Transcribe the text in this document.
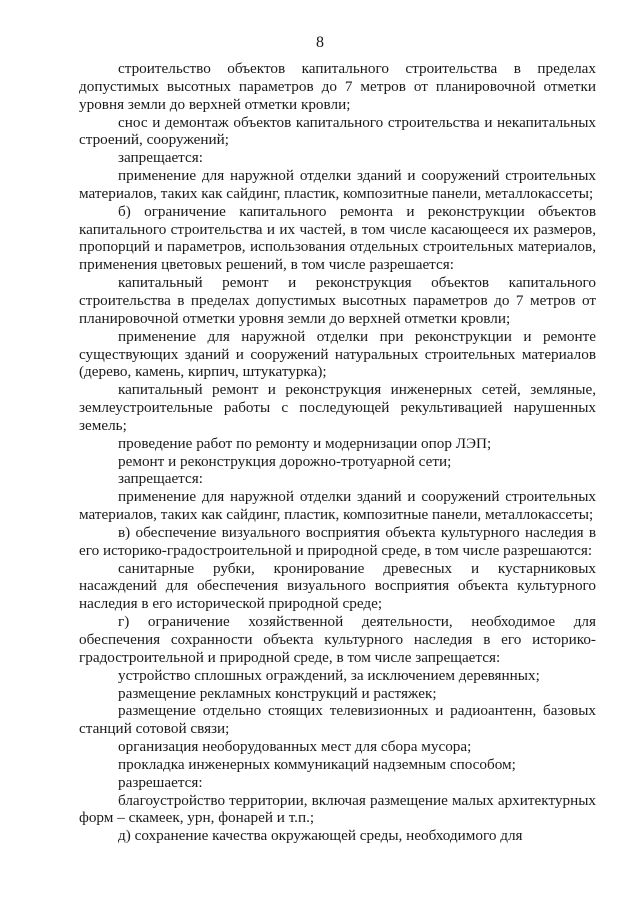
8

строительство объектов капитального строительства в пределах допустимых высотных параметров до 7 метров от планировочной отметки уровня земли до верхней отметки кровли;

снос и демонтаж объектов капитального строительства и некапитальных строений, сооружений;

запрещается:

применение для наружной отделки зданий и сооружений строительных материалов, таких как сайдинг, пластик, композитные панели, металлокассеты;

б) ограничение капитального ремонта и реконструкции объектов капитального строительства и их частей, в том числе касающееся их размеров, пропорций и параметров, использования отдельных строительных материалов, применения цветовых решений, в том числе разрешается:

капитальный ремонт и реконструкция объектов капитального строительства в пределах допустимых высотных параметров до 7 метров от планировочной отметки уровня земли до верхней отметки кровли;

применение для наружной отделки при реконструкции и ремонте существующих зданий и сооружений натуральных строительных материалов (дерево, камень, кирпич, штукатурка);

капитальный ремонт и реконструкция инженерных сетей, земляные, землеустроительные работы с последующей рекультивацией нарушенных земель;

проведение работ по ремонту и модернизации опор ЛЭП;

ремонт и реконструкция дорожно-тротуарной сети;

запрещается:

применение для наружной отделки зданий и сооружений строительных материалов, таких как сайдинг, пластик, композитные панели, металлокассеты;

в) обеспечение визуального восприятия объекта культурного наследия в его историко-градостроительной и природной среде, в том числе разрешаются:

санитарные рубки, кронирование древесных и кустарниковых насаждений для обеспечения визуального восприятия объекта культурного наследия в его исторической природной среде;

г) ограничение хозяйственной деятельности, необходимое для обеспечения сохранности объекта культурного наследия в его историко-градостроительной и природной среде, в том числе запрещается:

устройство сплошных ограждений, за исключением деревянных;

размещение рекламных конструкций и растяжек;

размещение отдельно стоящих телевизионных и радиоантенн, базовых станций сотовой связи;

организация необорудованных мест для сбора мусора;

прокладка инженерных коммуникаций надземным способом;

разрешается:

благоустройство территории, включая размещение малых архитектурных форм – скамеек, урн, фонарей и т.п.;

д) сохранение качества окружающей среды, необходимого для
